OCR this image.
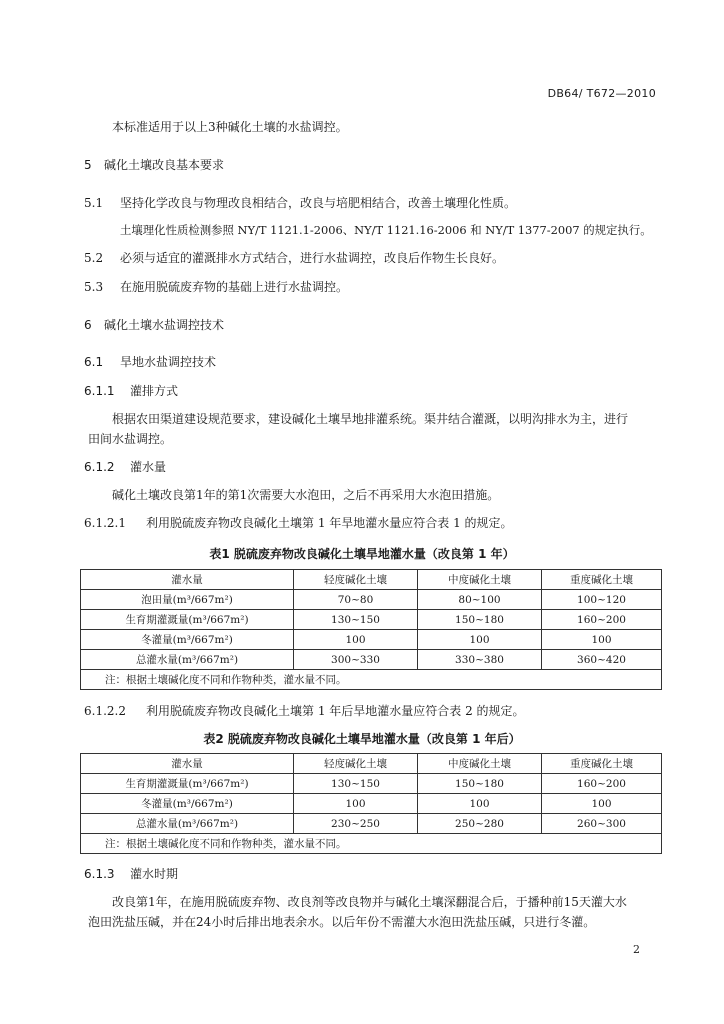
DB64/ T672—2010
本标准适用于以上3种碱化土壤的水盐调控。
5 碱化土壤改良基本要求
5.1 坚持化学改良与物理改良相结合，改良与培肥相结合，改善土壤理化性质。
土壤理化性质检测参照 NY/T 1121.1-2006、NY/T 1121.16-2006 和 NY/T 1377-2007 的规定执行。
5.2 必须与适宜的灌溉排水方式结合，进行水盐调控，改良后作物生长良好。
5.3 在施用脱硫废弃物的基础上进行水盐调控。
6 碱化土壤水盐调控技术
6.1 旱地水盐调控技术
6.1.1 灌排方式
根据农田渠道建设规范要求，建设碱化土壤旱地排灌系统。渠井结合灌溉，以明沟排水为主，进行
田间水盐调控。
6.1.2 灌水量
碱化土壤改良第1年的第1次需要大水泡田，之后不再采用大水泡田措施。
6.1.2.1 利用脱硫废弃物改良碱化土壤第 1 年旱地灌水量应符合表 1 的规定。
表1 脱硫废弃物改良碱化土壤旱地灌水量（改良第 1 年）
灌水量	轻度碱化土壤	中度碱化土壤	重度碱化土壤
泡田量(m³/667m²)	70~80	80~100	100~120
生育期灌溉量(m³/667m²)	130~150	150~180	160~200
冬灌量(m³/667m²)	100	100	100
总灌水量(m³/667m²)	300~330	330~380	360~420
注：根据土壤碱化度不同和作物种类，灌水量不同。			
6.1.2.2 利用脱硫废弃物改良碱化土壤第 1 年后旱地灌水量应符合表 2 的规定。
表2 脱硫废弃物改良碱化土壤旱地灌水量（改良第 1 年后）
灌水量	轻度碱化土壤	中度碱化土壤	重度碱化土壤
生育期灌溉量(m³/667m²)	130~150	150~180	160~200
冬灌量(m³/667m²)	100	100	100
总灌水量(m³/667m²)	230~250	250~280	260~300
注：根据土壤碱化度不同和作物种类，灌水量不同。			
6.1.3 灌水时期
改良第1年，在施用脱硫废弃物、改良剂等改良物并与碱化土壤深翻混合后，于播种前15天灌大水
泡田洗盐压碱，并在24小时后排出地表余水。以后年份不需灌大水泡田洗盐压碱，只进行冬灌。
2
